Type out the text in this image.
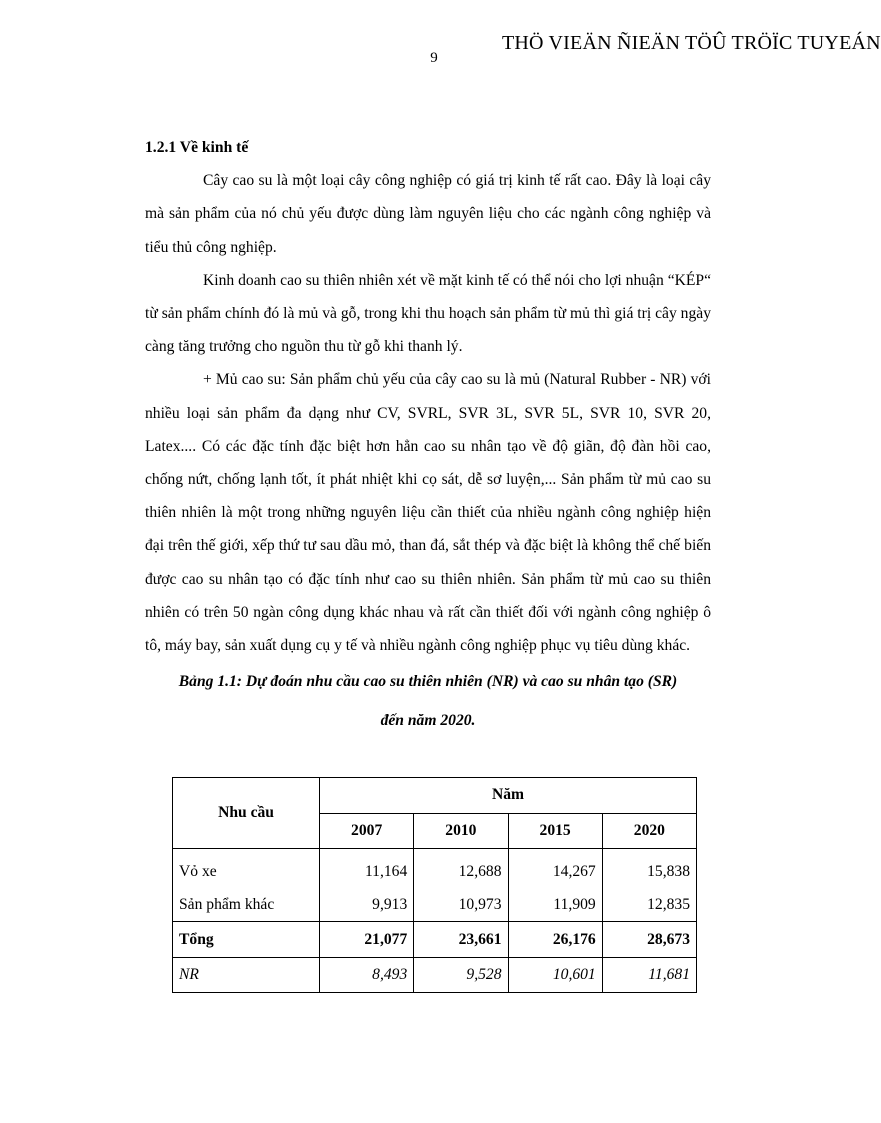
THÖ VIEÄN ÑIEÄN TÖÛ TRÖÏC TUYEÁN
9

1.2.1 Về kinh tế

Cây cao su là một loại cây công nghiệp có giá trị kinh tế rất cao. Đây là loại cây mà sản phẩm của nó chủ yếu được dùng làm nguyên liệu cho các ngành công nghiệp và tiểu thủ công nghiệp.

Kinh doanh cao su thiên nhiên xét về mặt kinh tế có thể nói cho lợi nhuận “KÉP“ từ sản phẩm chính đó là mủ và gỗ, trong khi thu hoạch sản phẩm từ mủ thì giá trị cây ngày càng tăng trưởng cho nguồn thu từ gỗ khi thanh lý.

+ Mủ cao su: Sản phẩm chủ yếu của cây cao su là mủ (Natural Rubber - NR) với nhiều loại sản phẩm đa dạng như CV, SVRL, SVR 3L, SVR 5L, SVR 10, SVR 20, Latex.... Có các đặc tính đặc biệt hơn hẳn cao su nhân tạo về độ giãn, độ đàn hồi cao, chống nứt, chống lạnh tốt, ít phát nhiệt khi cọ sát, dễ sơ luyện,... Sản phẩm từ mủ cao su thiên nhiên là một trong những nguyên liệu cần thiết của nhiều ngành công nghiệp hiện đại trên thế giới, xếp thứ tư sau dầu mỏ, than đá, sắt thép và đặc biệt là không thể chế biến được cao su nhân tạo có đặc tính như cao su thiên nhiên. Sản phẩm từ mủ cao su thiên nhiên có trên 50 ngàn công dụng khác nhau và rất cần thiết đối với ngành công nghiệp ô tô, máy bay, sản xuất dụng cụ y tế và nhiều ngành công nghiệp phục vụ tiêu dùng khác.

Bảng 1.1: Dự đoán nhu cầu cao su thiên nhiên (NR) và cao su nhân tạo (SR) đến năm 2020.

Nhu cầu	Năm			
	2007	2010	2015	2020
Vỏ xe	11,164	12,688	14,267	15,838
Sản phẩm khác	9,913	10,973	11,909	12,835
Tổng	21,077	23,661	26,176	28,673
NR	8,493	9,528	10,601	11,681
